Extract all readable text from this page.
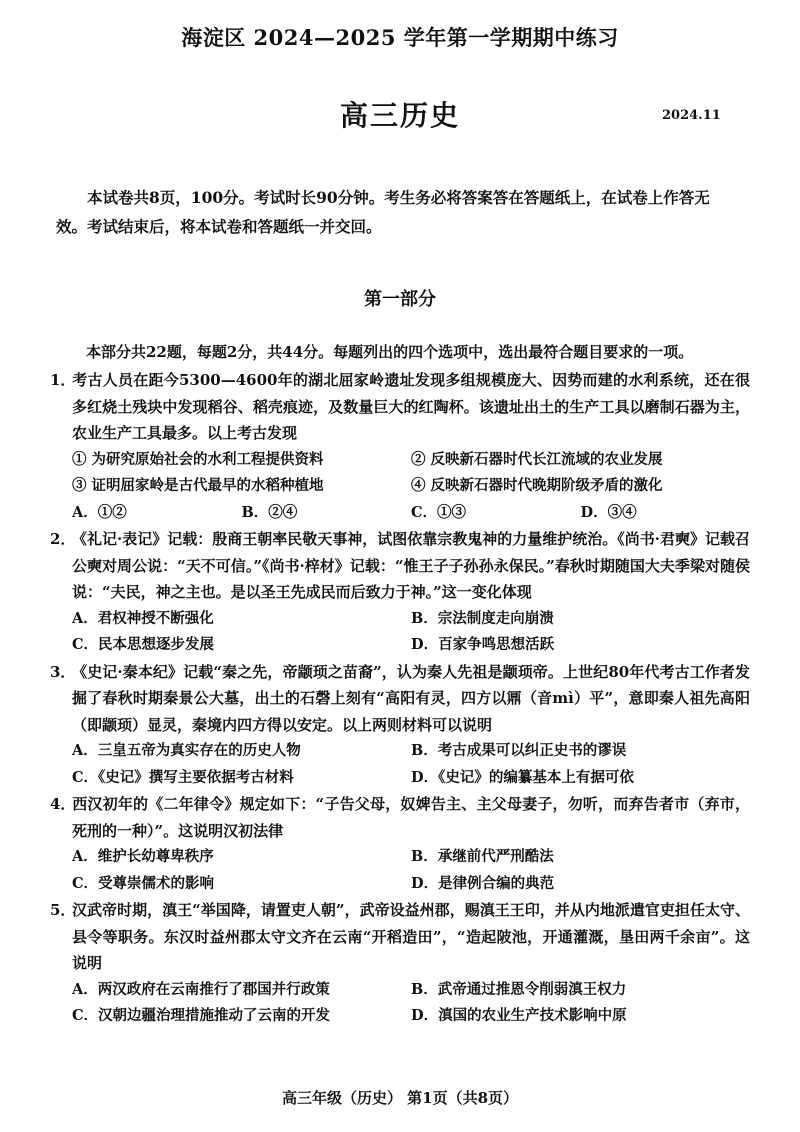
海淀区 2024—2025 学年第一学期期中练习
高三历史	2024.11
本试卷共8页，100分。考试时长90分钟。考生务必将答案答在答题纸上，在试卷上作答无效。考试结束后，将本试卷和答题纸一并交回。
第一部分
本部分共22题，每题2分，共44分。每题列出的四个选项中，选出最符合题目要求的一项。
1．考古人员在距今5300—4600年的湖北屈家岭遗址发现多组规模庞大、因势而建的水利系统，还在很多红烧土残块中发现稻谷、稻壳痕迹，及数量巨大的红陶杯。该遗址出土的生产工具以磨制石器为主，农业生产工具最多。以上考古发现
① 为研究原始社会的水利工程提供资料	② 反映新石器时代长江流域的农业发展
③ 证明屈家岭是古代最早的水稻种植地	④ 反映新石器时代晚期阶级矛盾的激化
A．①②	B．②④	C．①③	D．③④
2．《礼记·表记》记载：殷商王朝率民敬天事神，试图依靠宗教鬼神的力量维护统治。《尚书·君奭》记载召公奭对周公说：“天不可信。”《尚书·梓材》记载：“惟王子子孙孙永保民。”春秋时期随国大夫季梁对随侯说：“夫民，神之主也。是以圣王先成民而后致力于神。”这一变化体现
A．君权神授不断强化	B．宗法制度走向崩溃
C．民本思想逐步发展	D．百家争鸣思想活跃
3．《史记·秦本纪》记载“秦之先，帝颛顼之苗裔”，认为秦人先祖是颛顼帝。上世纪80年代考古工作者发掘了春秋时期秦景公大墓，出土的石磬上刻有“高阳有灵，四方以鼏（音mì）平”，意即秦人祖先高阳（即颛顼）显灵，秦境内四方得以安定。以上两则材料可以说明
A．三皇五帝为真实存在的历史人物	B．考古成果可以纠正史书的谬误
C．《史记》撰写主要依据考古材料	D．《史记》的编纂基本上有据可依
4．西汉初年的《二年律令》规定如下：“子告父母，奴婢告主、主父母妻子，勿听，而弃告者市（弃市，死刑的一种）”。这说明汉初法律
A．维护长幼尊卑秩序	B．承继前代严刑酷法
C．受尊崇儒术的影响	D．是律例合编的典范
5．汉武帝时期，滇王“举国降，请置吏人朝”，武帝设益州郡，赐滇王王印，并从内地派遣官吏担任太守、县令等职务。东汉时益州郡太守文齐在云南“开稻造田”，“造起陂池，开通灌溉，垦田两千余亩”。这说明
A．两汉政府在云南推行了郡国并行政策	B．武帝通过推恩令削弱滇王权力
C．汉朝边疆治理措施推动了云南的开发	D．滇国的农业生产技术影响中原
高三年级（历史） 第1页（共8页）
